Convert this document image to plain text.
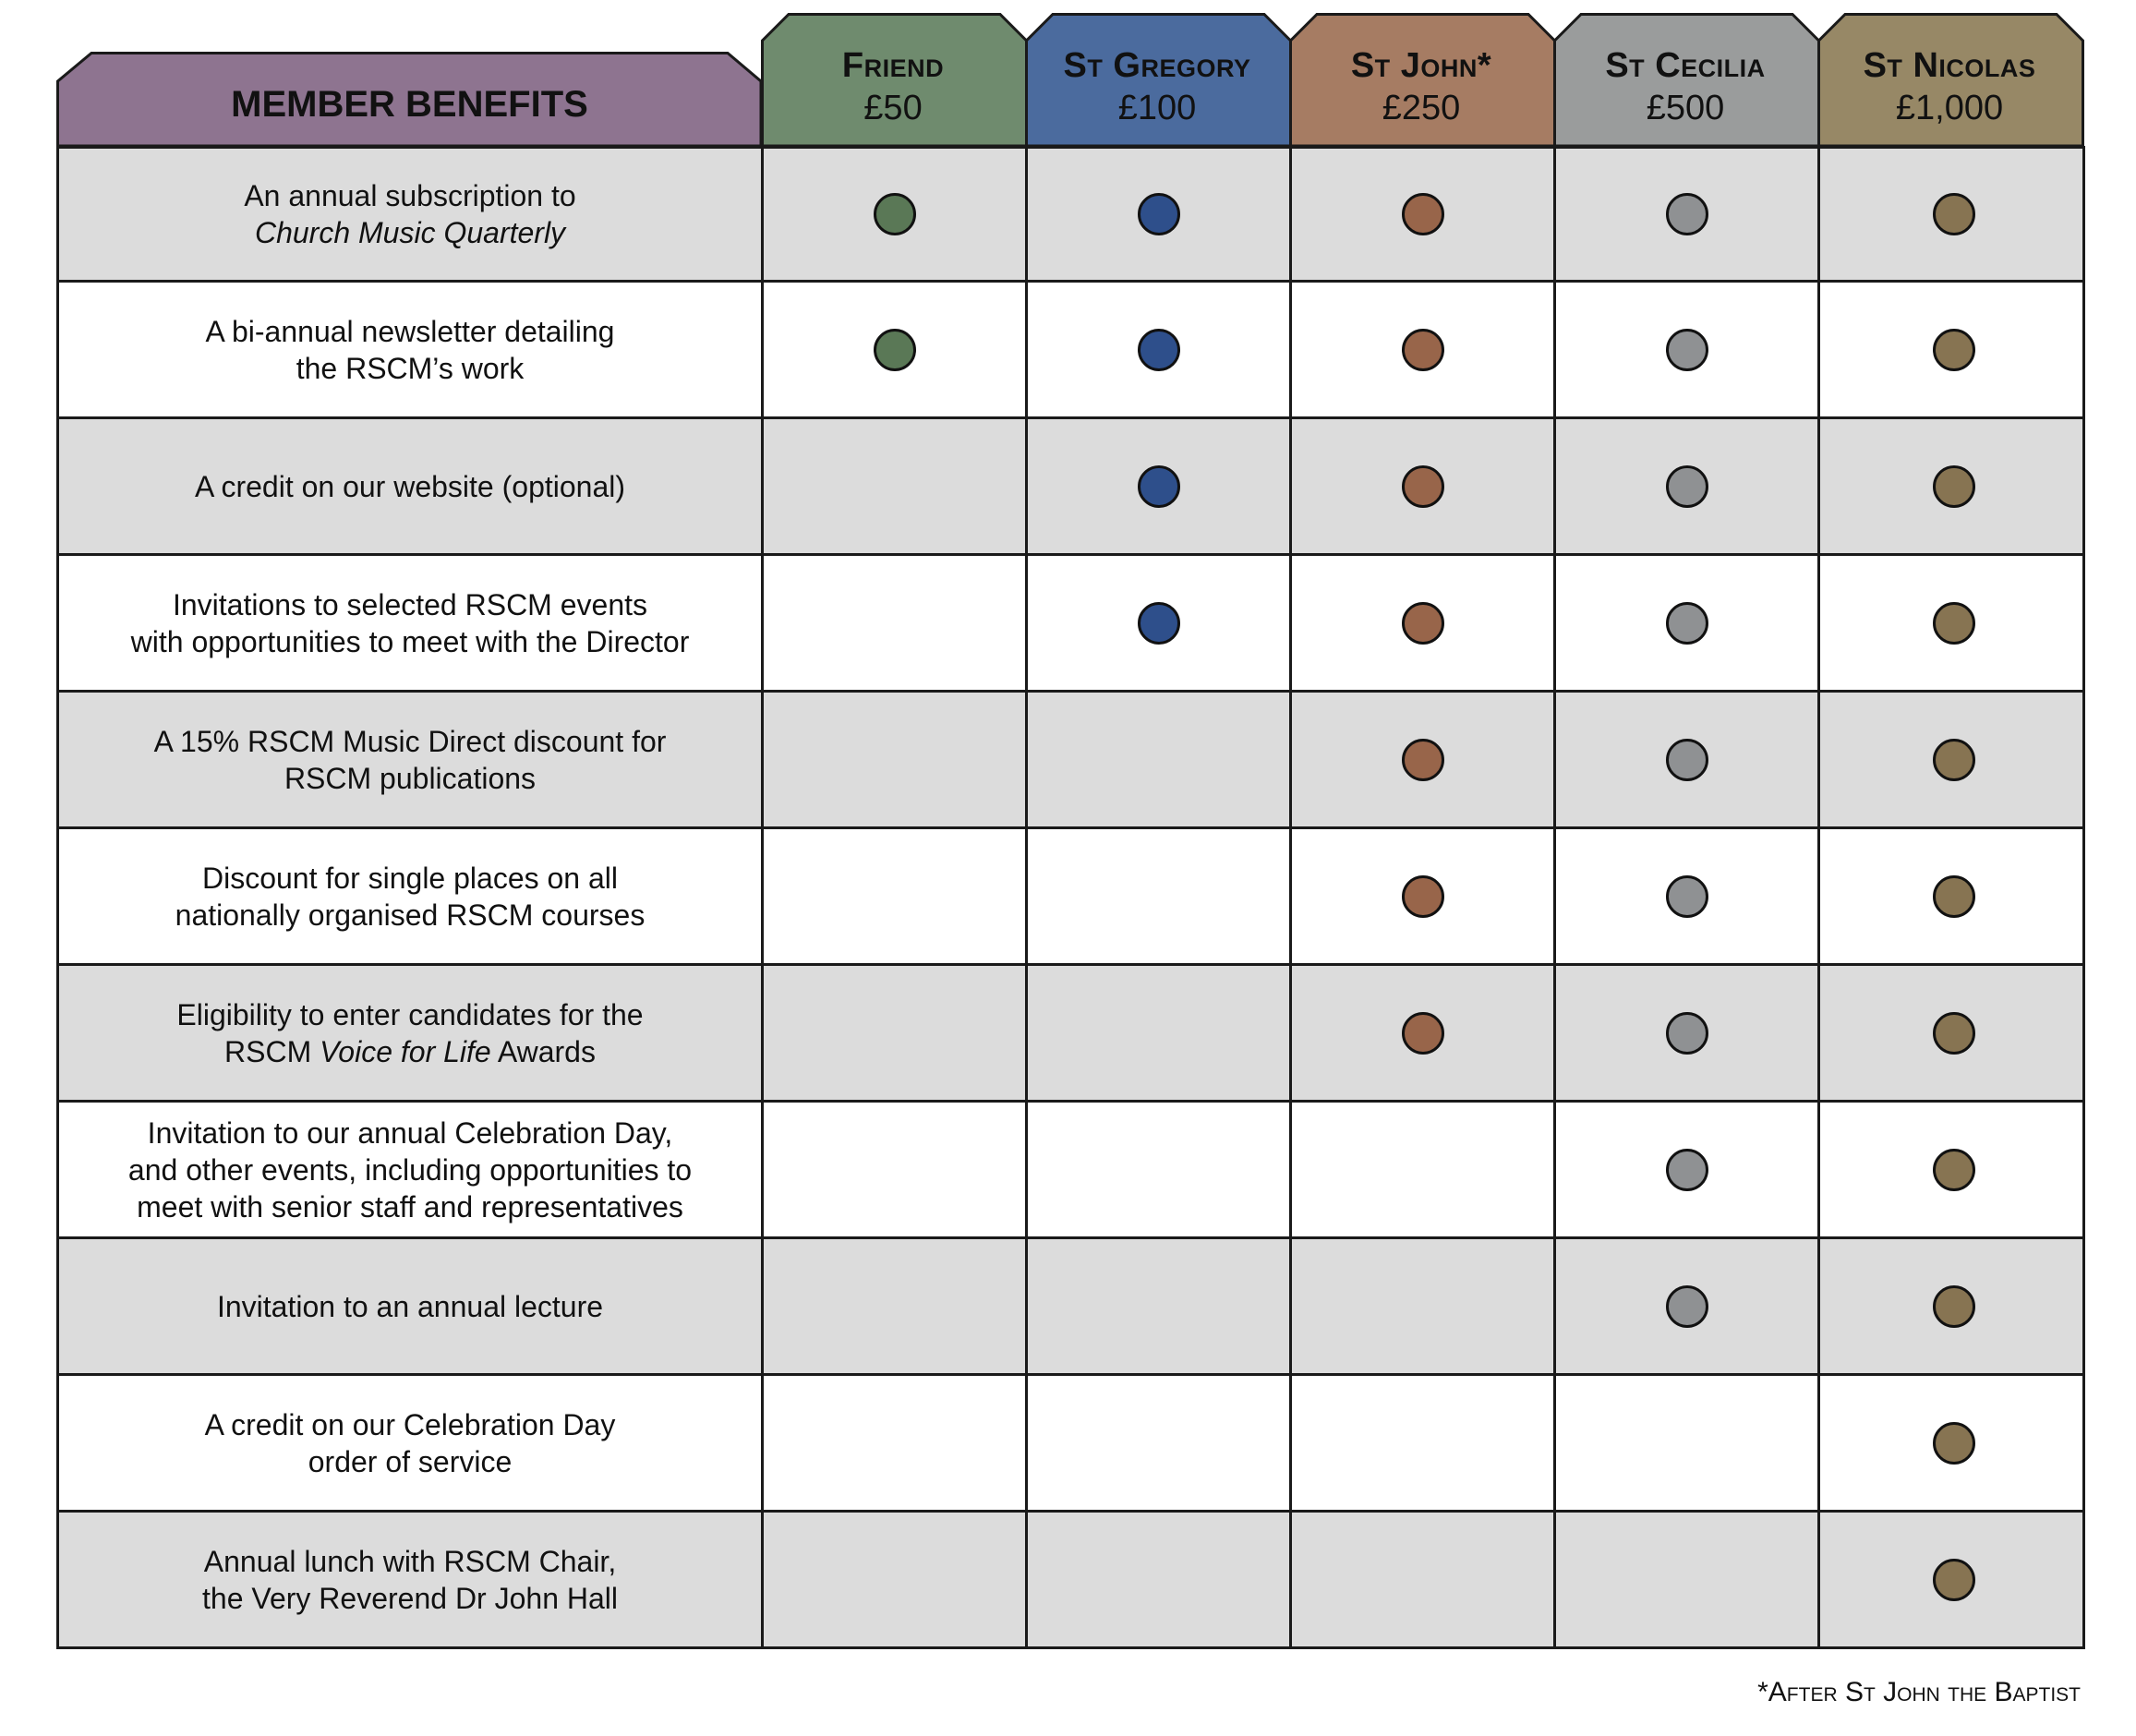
MEMBER BENEFITS
Friend
£50
St Gregory
£100
St John*
£250
St Cecilia
£500
St Nicolas
£1,000
An annual subscription to
Church Music Quarterly
A bi-annual newsletter detailing
the RSCM’s work
A credit on our website (optional)
Invitations to selected RSCM events
with opportunities to meet with the Director
A 15% RSCM Music Direct discount for
RSCM publications
Discount for single places on all
nationally organised RSCM courses
Eligibility to enter candidates for the
RSCM Voice for Life Awards
Invitation to our annual Celebration Day,
and other events, including opportunities to
meet with senior staff and representatives
Invitation to an annual lecture
A credit on our Celebration Day
order of service
Annual lunch with RSCM Chair,
the Very Reverend Dr John Hall
*After St John the Baptist
